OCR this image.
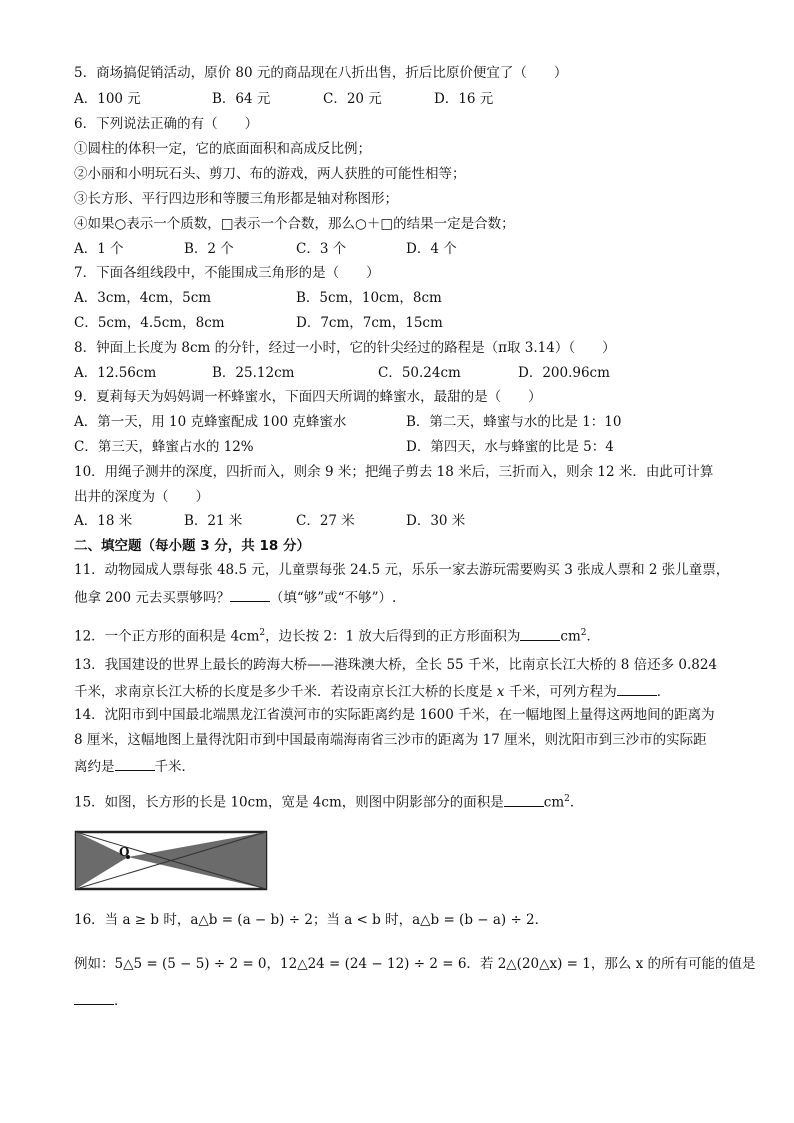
5．商场搞促销活动，原价 80 元的商品现在八折出售，折后比原价便宜了（　　）
A．100 元	B．64 元	C．20 元	D．16 元
6．下列说法正确的有（　　）
①圆柱的体积一定，它的底面面积和高成反比例；
②小丽和小明玩石头、剪刀、布的游戏，两人获胜的可能性相等；
③长方形、平行四边形和等腰三角形都是轴对称图形；
④如果○表示一个质数，□表示一个合数，那么○＋□的结果一定是合数；
A．1 个	B．2 个	C．3 个	D．4 个
7．下面各组线段中，不能围成三角形的是（　　）
A．3cm，4cm，5cm	B．5cm，10cm，8cm
C．5cm，4.5cm，8cm	D．7cm，7cm，15cm
8．钟面上长度为 8cm 的分针，经过一小时，它的针尖经过的路程是（π取 3.14）（　　）
A．12.56cm	B．25.12cm	C．50.24cm	D．200.96cm
9．夏莉每天为妈妈调一杯蜂蜜水，下面四天所调的蜂蜜水，最甜的是（　　）
A．第一天，用 10 克蜂蜜配成 100 克蜂蜜水	B．第二天，蜂蜜与水的比是 1：10
C．第三天，蜂蜜占水的 12%	D．第四天，水与蜂蜜的比是 5：4
10．用绳子测井的深度，四折而入，则余 9 米；把绳子剪去 18 米后，三折而入，则余 12 米．由此可计算
出井的深度为（　　）
A．18 米	B．21 米	C．27 米	D．30 米
二、填空题（每小题 3 分，共 18 分）
11．动物园成人票每张 48.5 元，儿童票每张 24.5 元，乐乐一家去游玩需要购买 3 张成人票和 2 张儿童票，
他拿 200 元去买票够吗？	（填“够”或“不够”）.
12．一个正方形的面积是 $4cm^2$，边长按 2：1 放大后得到的正方形面积为	$cm^2$．
13．我国建设的世界上最长的跨海大桥——港珠澳大桥，全长 55 千米，比南京长江大桥的 8 倍还多 0.824
千米，求南京长江大桥的长度是多少千米．若设南京长江大桥的长度是 x 千米，可列方程为	．
14．沈阳市到中国最北端黑龙江省漠河市的实际距离约是 1600 千米，在一幅地图上量得这两地间的距离为
8 厘米，这幅地图上量得沈阳市到中国最南端海南省三沙市的距离为 17 厘米，则沈阳市到三沙市的实际距
离约是	千米．
15．如图，长方形的长是 10cm，宽是 4cm，则图中阴影部分的面积是	$cm^2$．
O
16．当 a ≥ b 时，a△b = (a − b) ÷ 2；当 a < b 时，a△b = (b − a) ÷ 2．
例如：5△5 = (5 − 5) ÷ 2 = 0，12△24 = (24 − 12) ÷ 2 = 6．若 2△(20△x) = 1，那么 x 的所有可能的值是
．
